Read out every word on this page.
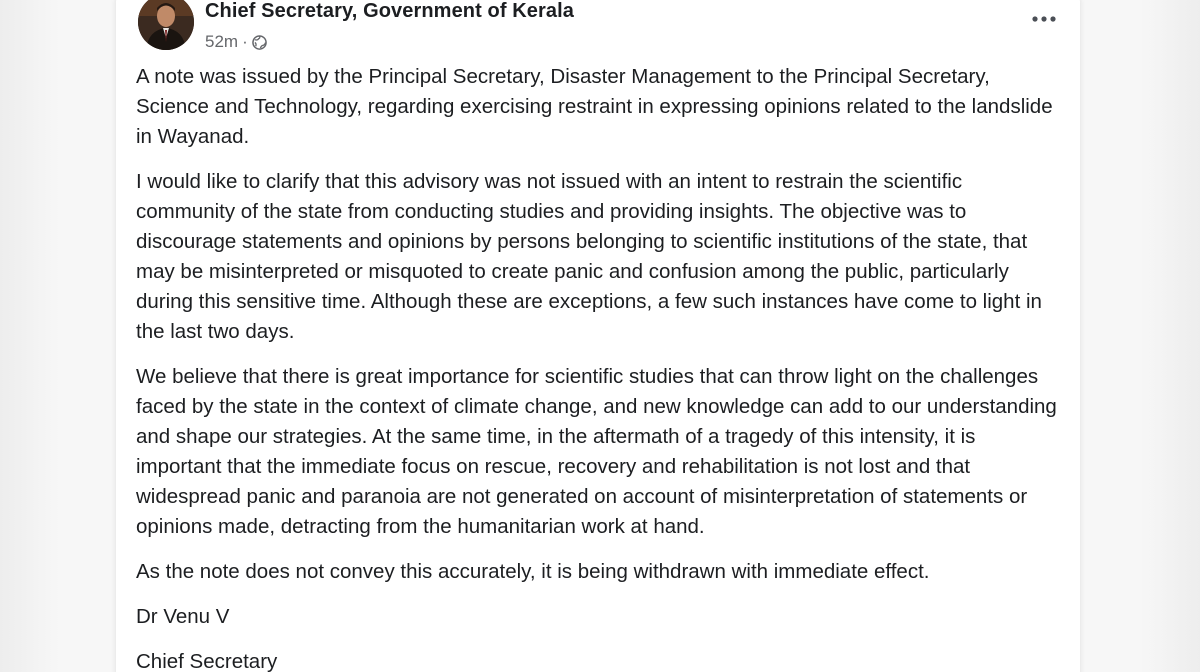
Chief Secretary, Government of Kerala
52m ·

A note was issued by the Principal Secretary, Disaster Management to the Principal Secretary, Science and Technology, regarding exercising restraint in expressing opinions related to the landslide in Wayanad.

I would like to clarify that this advisory was not issued with an intent to restrain the scientific community of the state from conducting studies and providing insights. The objective was to discourage statements and opinions by persons belonging to scientific institutions of the state, that may be misinterpreted or misquoted to create panic and confusion among the public, particularly during this sensitive time. Although these are exceptions, a few such instances have come to light in the last two days.

We believe that there is great importance for scientific studies that can throw light on the challenges faced by the state in the context of climate change, and new knowledge can add to our understanding and shape our strategies. At the same time, in the aftermath of a tragedy of this intensity, it is important that the immediate focus on rescue, recovery and rehabilitation is not lost and that widespread panic and paranoia are not generated on account of misinterpretation of statements or opinions made, detracting from the humanitarian work at hand.

As the note does not convey this accurately, it is being withdrawn with immediate effect.

Dr Venu V

Chief Secretary
